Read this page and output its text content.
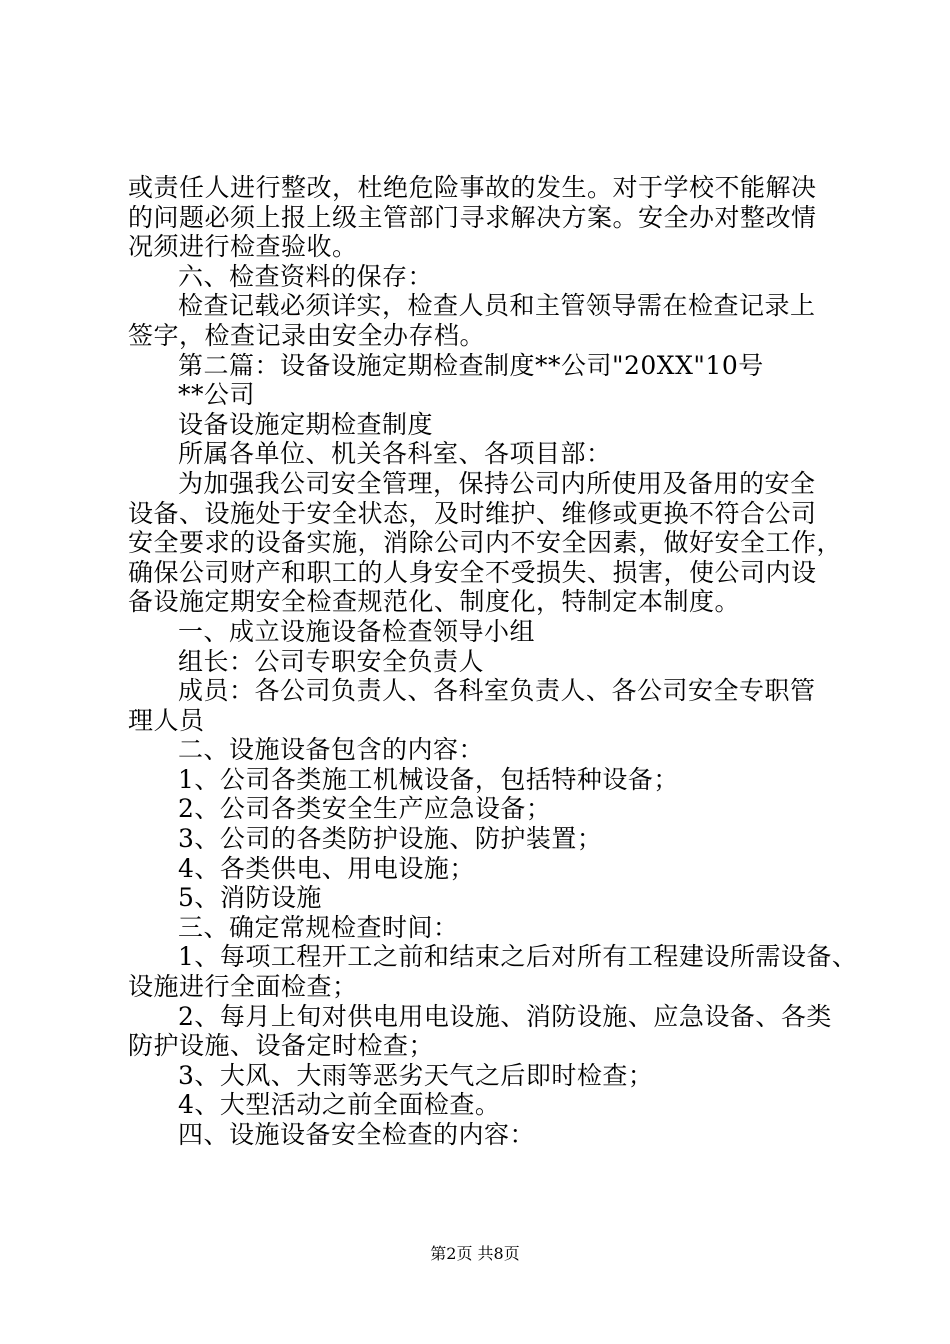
或责任人进行整改，杜绝危险事故的发生。对于学校不能解决
的问题必须上报上级主管部门寻求解决方案。安全办对整改情
况须进行检查验收。
六、检查资料的保存：
检查记载必须详实，检查人员和主管领导需在检查记录上
签字，检查记录由安全办存档。
第二篇：设备设施定期检查制度**公司"20XX"10号
**公司
设备设施定期检查制度
所属各单位、机关各科室、各项目部：
为加强我公司安全管理，保持公司内所使用及备用的安全
设备、设施处于安全状态，及时维护、维修或更换不符合公司
安全要求的设备实施，消除公司内不安全因素，做好安全工作，
确保公司财产和职工的人身安全不受损失、损害，使公司内设
备设施定期安全检查规范化、制度化，特制定本制度。
一、成立设施设备检查领导小组
组长：公司专职安全负责人
成员：各公司负责人、各科室负责人、各公司安全专职管
理人员
二、设施设备包含的内容：
1、公司各类施工机械设备，包括特种设备；
2、公司各类安全生产应急设备；
3、公司的各类防护设施、防护装置；
4、各类供电、用电设施；
5、消防设施
三、确定常规检查时间：
1、每项工程开工之前和结束之后对所有工程建设所需设备、
设施进行全面检查；
2、每月上旬对供电用电设施、消防设施、应急设备、各类
防护设施、设备定时检查；
3、大风、大雨等恶劣天气之后即时检查；
4、大型活动之前全面检查。
四、设施设备安全检查的内容：
第2页 共8页
